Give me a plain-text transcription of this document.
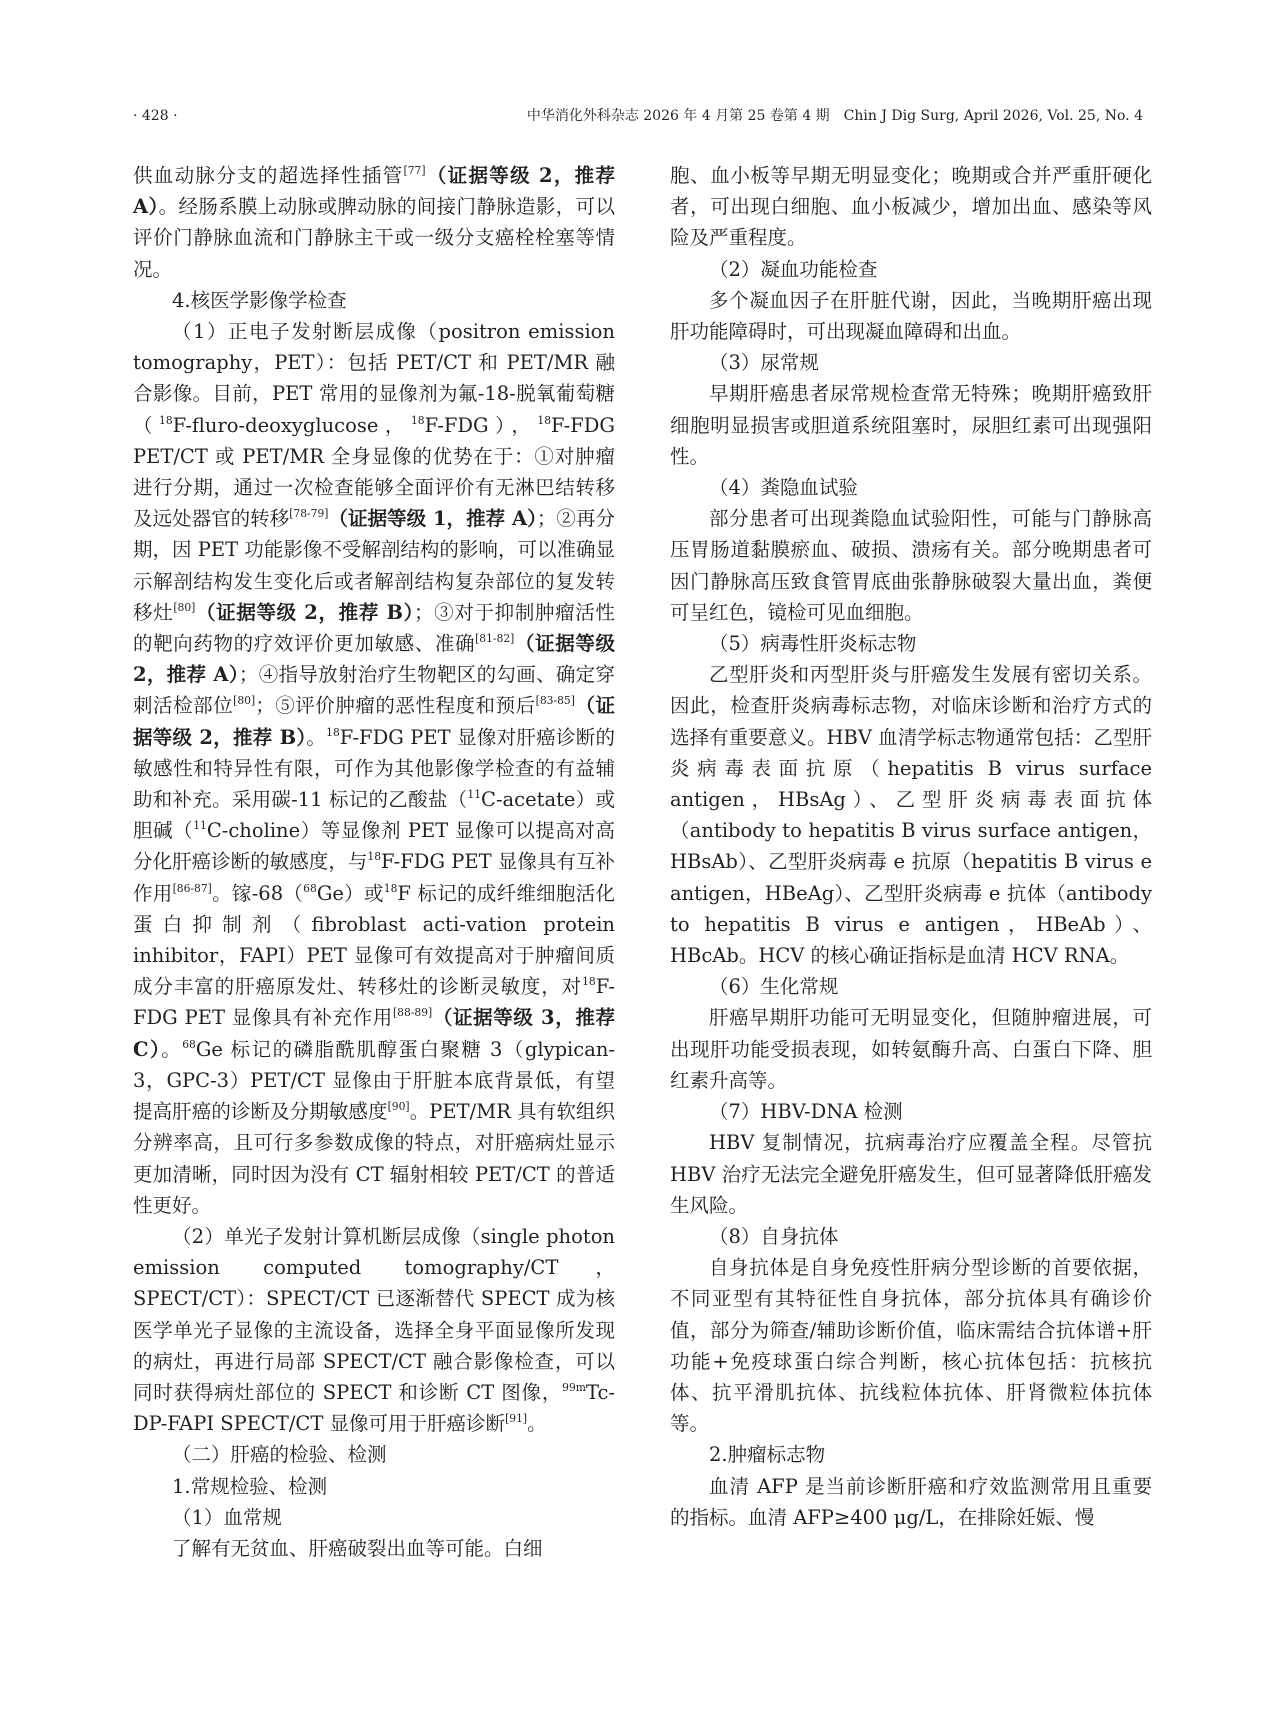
· 428 ·	中华消化外科杂志 2026 年 4 月第 25 卷第 4 期　Chin J Dig Surg, April 2026, Vol. 25, No. 4

供血动脉分支的超选择性插管[77]（证据等级 2，推荐 A）。经肠系膜上动脉或脾动脉的间接门静脉造影，可以评价门静脉血流和门静脉主干或一级分支癌栓栓塞等情况。

4.核医学影像学检查

（1）正电子发射断层成像（positron emission tomography，PET）：包括 PET/CT 和 PET/MR 融合影像。目前，PET 常用的显像剂为氟-18-脱氧葡萄糖（$^{18}$F-fluro-deoxyglucose，$^{18}$F-FDG），$^{18}$F-FDG PET/CT 或 PET/MR 全身显像的优势在于：①对肿瘤进行分期，通过一次检查能够全面评价有无淋巴结转移及远处器官的转移[78-79]（证据等级 1，推荐 A）；②再分期，因 PET 功能影像不受解剖结构的影响，可以准确显示解剖结构发生变化后或者解剖结构复杂部位的复发转移灶[80]（证据等级 2，推荐 B）；③对于抑制肿瘤活性的靶向药物的疗效评价更加敏感、准确[81-82]（证据等级 2，推荐 A）；④指导放射治疗生物靶区的勾画、确定穿刺活检部位[80]；⑤评价肿瘤的恶性程度和预后[83-85]（证据等级 2，推荐 B）。$^{18}$F-FDG PET 显像对肝癌诊断的敏感性和特异性有限，可作为其他影像学检查的有益辅助和补充。采用碳-11 标记的乙酸盐（$^{11}$C-acetate）或胆碱（$^{11}$C-choline）等显像剂 PET 显像可以提高对高分化肝癌诊断的敏感度，与$^{18}$F-FDG PET 显像具有互补作用[86-87]。镓-68（$^{68}$Ge）或$^{18}$F 标记的成纤维细胞活化蛋白抑制剂（fibroblast acti-vation protein inhibitor，FAPI）PET 显像可有效提高对于肿瘤间质成分丰富的肝癌原发灶、转移灶的诊断灵敏度，对$^{18}$F-FDG PET 显像具有补充作用[88-89]（证据等级 3，推荐 C）。$^{68}$Ge 标记的磷脂酰肌醇蛋白聚糖 3（glypican-3，GPC-3）PET/CT 显像由于肝脏本底背景低，有望提高肝癌的诊断及分期敏感度[90]。PET/MR 具有软组织分辨率高，且可行多参数成像的特点，对肝癌病灶显示更加清晰，同时因为没有 CT 辐射相较 PET/CT 的普适性更好。

（2）单光子发射计算机断层成像（single photon emission computed tomography/CT，SPECT/CT）：SPECT/CT 已逐渐替代 SPECT 成为核医学单光子显像的主流设备，选择全身平面显像所发现的病灶，再进行局部 SPECT/CT 融合影像检查，可以同时获得病灶部位的 SPECT 和诊断 CT 图像，$^{99m}$Tc-DP-FAPI SPECT/CT 显像可用于肝癌诊断[91]。

（二）肝癌的检验、检测

1.常规检验、检测

（1）血常规

了解有无贫血、肝癌破裂出血等可能。白细

胞、血小板等早期无明显变化；晚期或合并严重肝硬化者，可出现白细胞、血小板减少，增加出血、感染等风险及严重程度。

（2）凝血功能检查

多个凝血因子在肝脏代谢，因此，当晚期肝癌出现肝功能障碍时，可出现凝血障碍和出血。

（3）尿常规

早期肝癌患者尿常规检查常无特殊；晚期肝癌致肝细胞明显损害或胆道系统阻塞时，尿胆红素可出现强阳性。

（4）粪隐血试验

部分患者可出现粪隐血试验阳性，可能与门静脉高压胃肠道黏膜瘀血、破损、溃疡有关。部分晚期患者可因门静脉高压致食管胃底曲张静脉破裂大量出血，粪便可呈红色，镜检可见血细胞。

（5）病毒性肝炎标志物

乙型肝炎和丙型肝炎与肝癌发生发展有密切关系。因此，检查肝炎病毒标志物，对临床诊断和治疗方式的选择有重要意义。HBV 血清学标志物通常包括：乙型肝炎病毒表面抗原（hepatitis B virus surface antigen，HBsAg）、乙型肝炎病毒表面抗体（antibody to hepatitis B virus surface antigen，HBsAb）、乙型肝炎病毒 e 抗原（hepatitis B virus e antigen，HBeAg）、乙型肝炎病毒 e 抗体（antibody to hepatitis B virus e antigen，HBeAb）、HBcAb。HCV 的核心确证指标是血清 HCV RNA。

（6）生化常规

肝癌早期肝功能可无明显变化，但随肿瘤进展，可出现肝功能受损表现，如转氨酶升高、白蛋白下降、胆红素升高等。

（7）HBV-DNA 检测

HBV 复制情况，抗病毒治疗应覆盖全程。尽管抗 HBV 治疗无法完全避免肝癌发生，但可显著降低肝癌发生风险。

（8）自身抗体

自身抗体是自身免疫性肝病分型诊断的首要依据，不同亚型有其特征性自身抗体，部分抗体具有确诊价值，部分为筛查/辅助诊断价值，临床需结合抗体谱+肝功能+免疫球蛋白综合判断，核心抗体包括：抗核抗体、抗平滑肌抗体、抗线粒体抗体、肝肾微粒体抗体等。

2.肿瘤标志物

血清 AFP 是当前诊断肝癌和疗效监测常用且重要的指标。血清 AFP≥400 μg/L，在排除妊娠、慢
